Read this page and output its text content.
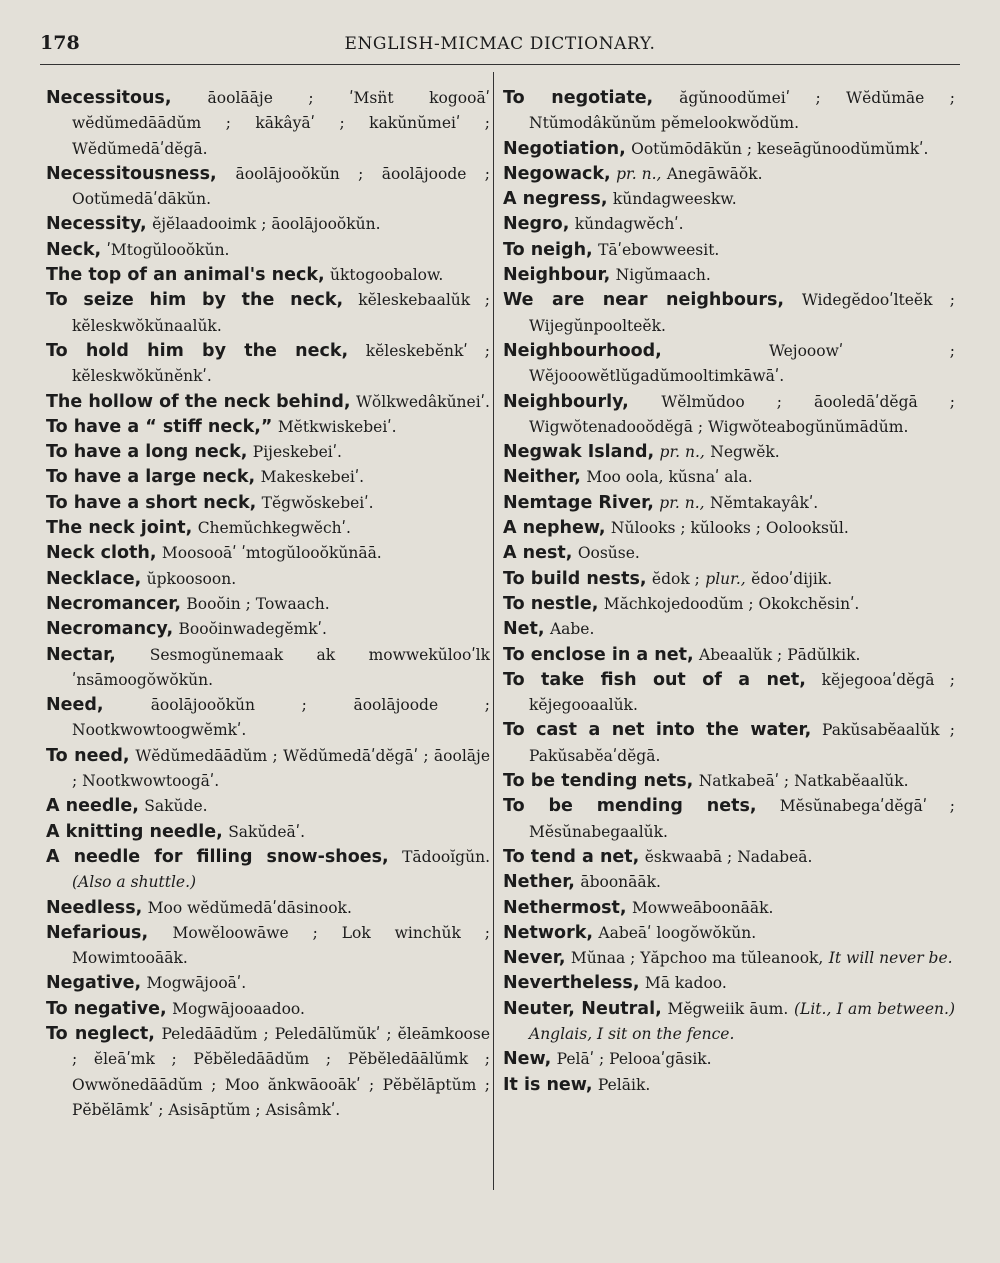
178	ENGLISH-MICMAC DICTIONARY.

Necessitous, āoolāāje ; ʹMsn̈t kogooāʹ wĕdŭmedāādŭm ; kākâyāʹ ; kakŭnŭmeiʹ ; Wĕdŭmedāʹdĕgā.

Necessitousness, āoolājooŏkŭn ; āoolājoode ; Ootŭmedāʹdākŭn.

Necessity, ĕjĕlaadooimk ; āoolājooŏkŭn.

Neck, ʹMtogŭlooŏkŭn.

The top of an animal's neck, ŭktogoobalow.

To seize him by the neck, kĕleskebaalŭk ; kĕleskwŏkŭnaalŭk.

To hold him by the neck, kĕleskebĕnkʹ ; kĕleskwŏkŭnĕnkʹ.

The hollow of the neck behind, Wŏlkwedâkŭneiʹ.

To have a “ stiff neck,” Mĕtkwiskebeiʹ.

To have a long neck, Pijeskebeiʹ.

To have a large neck, Makeskebeiʹ.

To have a short neck, Tĕgwŏskebeiʹ.

The neck joint, Chemŭchkegwĕchʹ.

Neck cloth, Moosooāʹ ʹmtogŭlooŏkŭnāā.

Necklace, ŭpkoosoon.

Necromancer, Booŏin ; Towaach.

Necromancy, Booŏinwadegĕmkʹ.

Nectar, Sesmogŭnemaak ak mowwekŭlooʹlk ʹnsāmoogŏwŏkŭn.

Need,	āoolājooŏkŭn ; āoolājoode ; Nootkwowtoogwĕmkʹ.

To need, Wĕdŭmedāādŭm ; Wĕdŭmedāʹdĕgāʹ ; āoolāje ; Nootkwowtoogāʹ.

A needle, Sakŭde.

A knitting needle, Sakŭdeāʹ.

A needle for filling snow-shoes, Tādooĭgŭn. (Also a shuttle.)

Needless, Moo wĕdŭmedāʹdāsinook.

Nefarious, Mowĕloowāwe ; Lok winchŭk ; Mowimtooāāk.

Negative, Mogwājooāʹ.

To negative, Mogwājooaadoo.

To neglect, Peledāādŭm ; Peledālŭmŭkʹ ; ĕleāmkoose ; ĕleāʹmk ; Pĕbĕledāādŭm ; Pĕbĕledāālŭmk ; Owwŏnedāādŭm ; Moo ănkwāooākʹ ; Pĕbĕlāptŭm ; Pĕbĕlāmkʹ ; Asisāptŭm ; Asisâmkʹ.

To negotiate, ăgŭnoodŭmeiʹ ; Wĕdŭmāe ; Ntŭmodâkŭnŭm pĕmelookwŏdŭm.

Negotiation, Ootŭmōdākŭn ; keseāgŭnoodŭmŭmkʹ.

Negowack, pr. n., Anegāwāŏk.

A negress, kŭndagweeskw.

Negro, kŭndagwĕchʹ.

To neigh, Tāʹebowweesit.

Neighbour, Nigŭmaach.

We are near neighbours, Widegĕdooʹlteĕk ; Wijegŭnpoolteĕk.

Neighbourhood,	Wejooowʹ ; Wĕjooowĕtlŭgadŭmooltimkāwāʹ.

Neighbourly, Wĕlmŭdoo ; āooledāʹdĕgā ; Wigwŏtenadooŏdĕgā ; Wigwŏteabogŭnŭmādŭm.

Negwak Island, pr. n., Negwĕk.

Neither, Moo oola, kŭsnaʹ ala.

Nemtage River, pr. n., Nĕmtakayâkʹ.

A nephew, Nŭlooks ; kŭlooks ; Oolooksŭl.

A nest, Oosŭse.

To build nests, ĕdok ; plur., ĕdooʹdijik.

To nestle, Măchkojedoodŭm ; Okokchĕsinʹ.

Net, Aabe.

To enclose in a net, Abeaalŭk ; Pādŭlkik.

To take fish out of a net, kĕjegooaʹdĕgā ; kĕjegooaalŭk.

To cast a net into the water, Pakŭsabĕaalŭk ; Pakŭsabĕaʹdĕgā.

To be tending nets, Natkabeāʹ ; Natkabĕaalŭk.

To be mending nets, Mĕsŭnabegaʹdĕgāʹ ; Mĕsŭnabegaalŭk.

To tend a net, ĕskwaabā ; Nadabeā.

Nether, āboonāāk.

Nethermost, Mowweāboonāāk.

Network, Aabeāʹ loogŏwŏkŭn.

Never, Mŭnaa ; Yăpchoo ma tŭleanook, It will never be.

Nevertheless, Mā kadoo.

Neuter, Neutral, Mĕgweiik āum. (Lit., I am between.) Anglais, I sit on the fence.

New, Pelāʹ ; Pelooaʹgāsik.

It is new, Pelāik.
